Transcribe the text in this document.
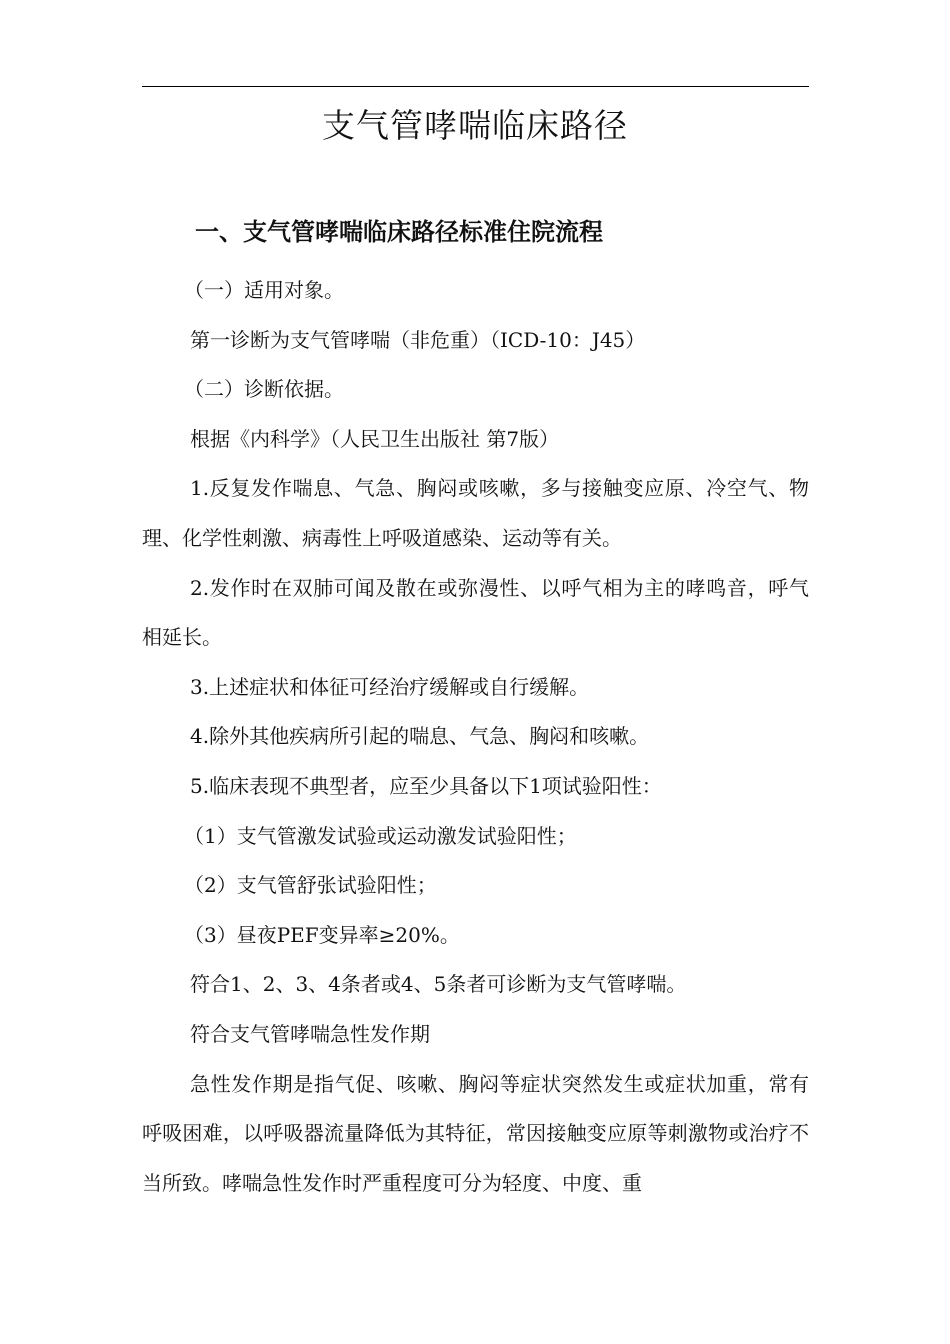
支气管哮喘临床路径
一、支气管哮喘临床路径标准住院流程

（一）适用对象。

第一诊断为支气管哮喘（非危重）（ICD-10：J45）

（二）诊断依据。

根据《内科学》（人民卫生出版社 第7版）

1.反复发作喘息、气急、胸闷或咳嗽，多与接触变应原、冷空气、物理、化学性刺激、病毒性上呼吸道感染、运动等有关。

2.发作时在双肺可闻及散在或弥漫性、以呼气相为主的哮鸣音，呼气相延长。

3.上述症状和体征可经治疗缓解或自行缓解。

4.除外其他疾病所引起的喘息、气急、胸闷和咳嗽。

5.临床表现不典型者，应至少具备以下1项试验阳性：

（1）支气管激发试验或运动激发试验阳性；

（2）支气管舒张试验阳性；

（3）昼夜PEF变异率≥20%。

符合1、2、3、4条者或4、5条者可诊断为支气管哮喘。

符合支气管哮喘急性发作期

急性发作期是指气促、咳嗽、胸闷等症状突然发生或症状加重，常有呼吸困难，以呼吸器流量降低为其特征，常因接触变应原等刺激物或治疗不当所致。哮喘急性发作时严重程度可分为轻度、中度、重
